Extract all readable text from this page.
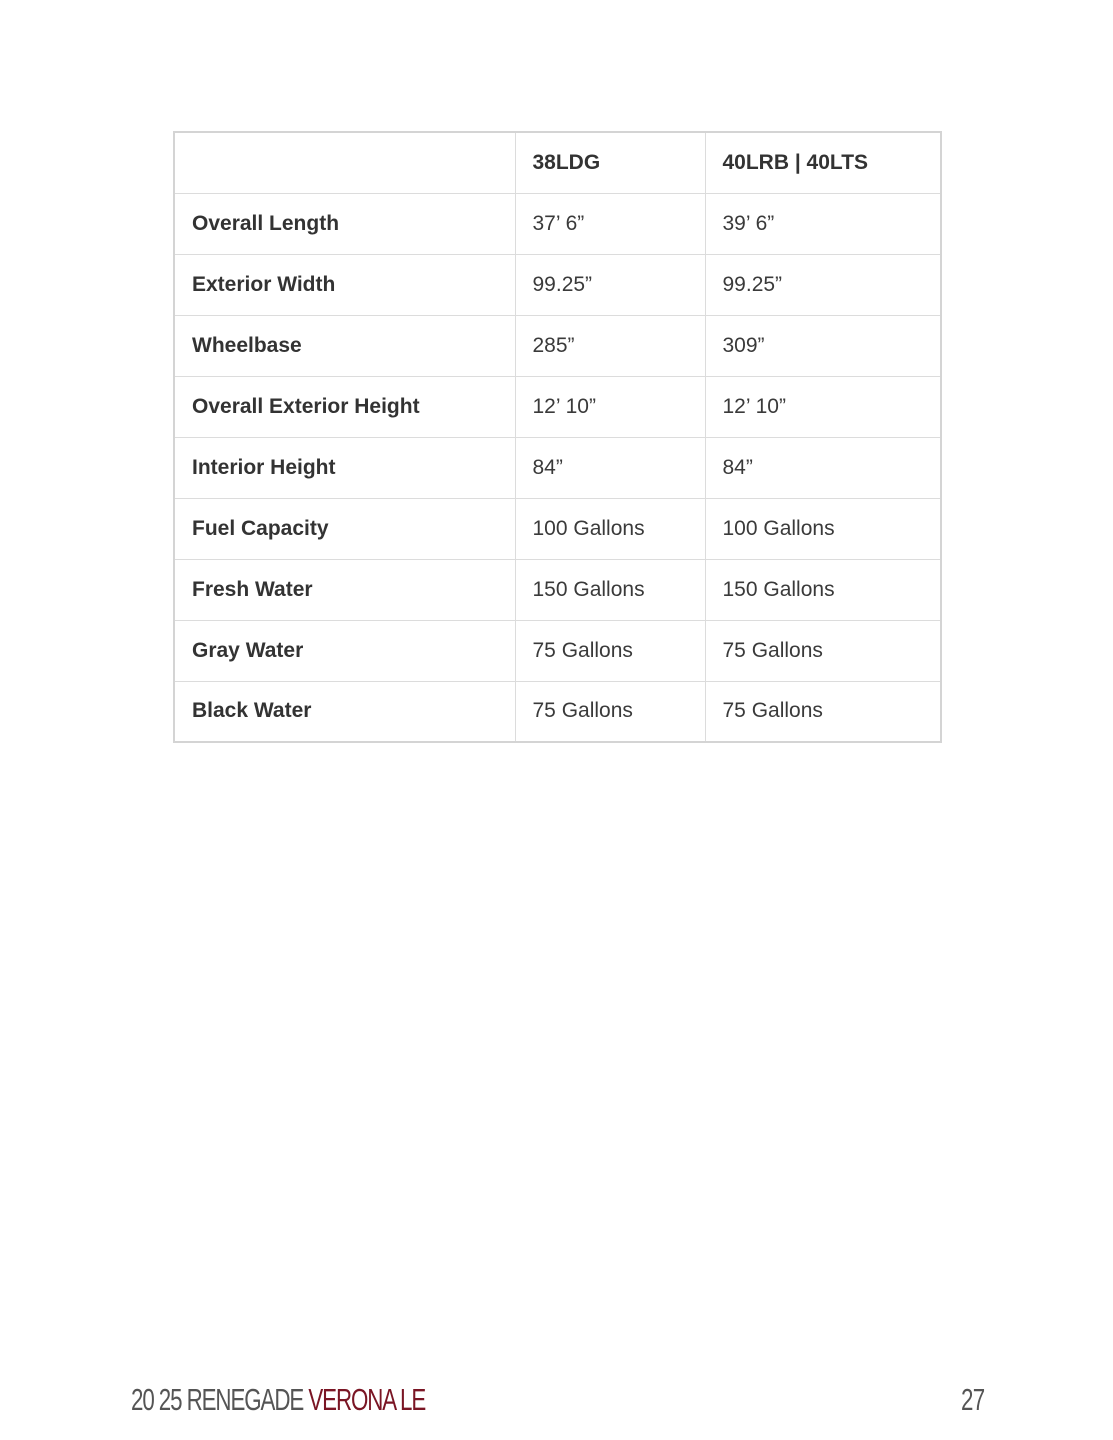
	38LDG	40LRB | 40LTS
Overall Length	37’ 6”	39’ 6”
Exterior Width	99.25”	99.25”
Wheelbase	285”	309”
Overall Exterior Height	12’ 10”	12’ 10”
Interior Height	84”	84”
Fuel Capacity	100 Gallons	100 Gallons
Fresh Water	150 Gallons	150 Gallons
Gray Water	75 Gallons	75 Gallons
Black Water	75 Gallons	75 Gallons
20 25 RENEGADE VERONA LE	27
